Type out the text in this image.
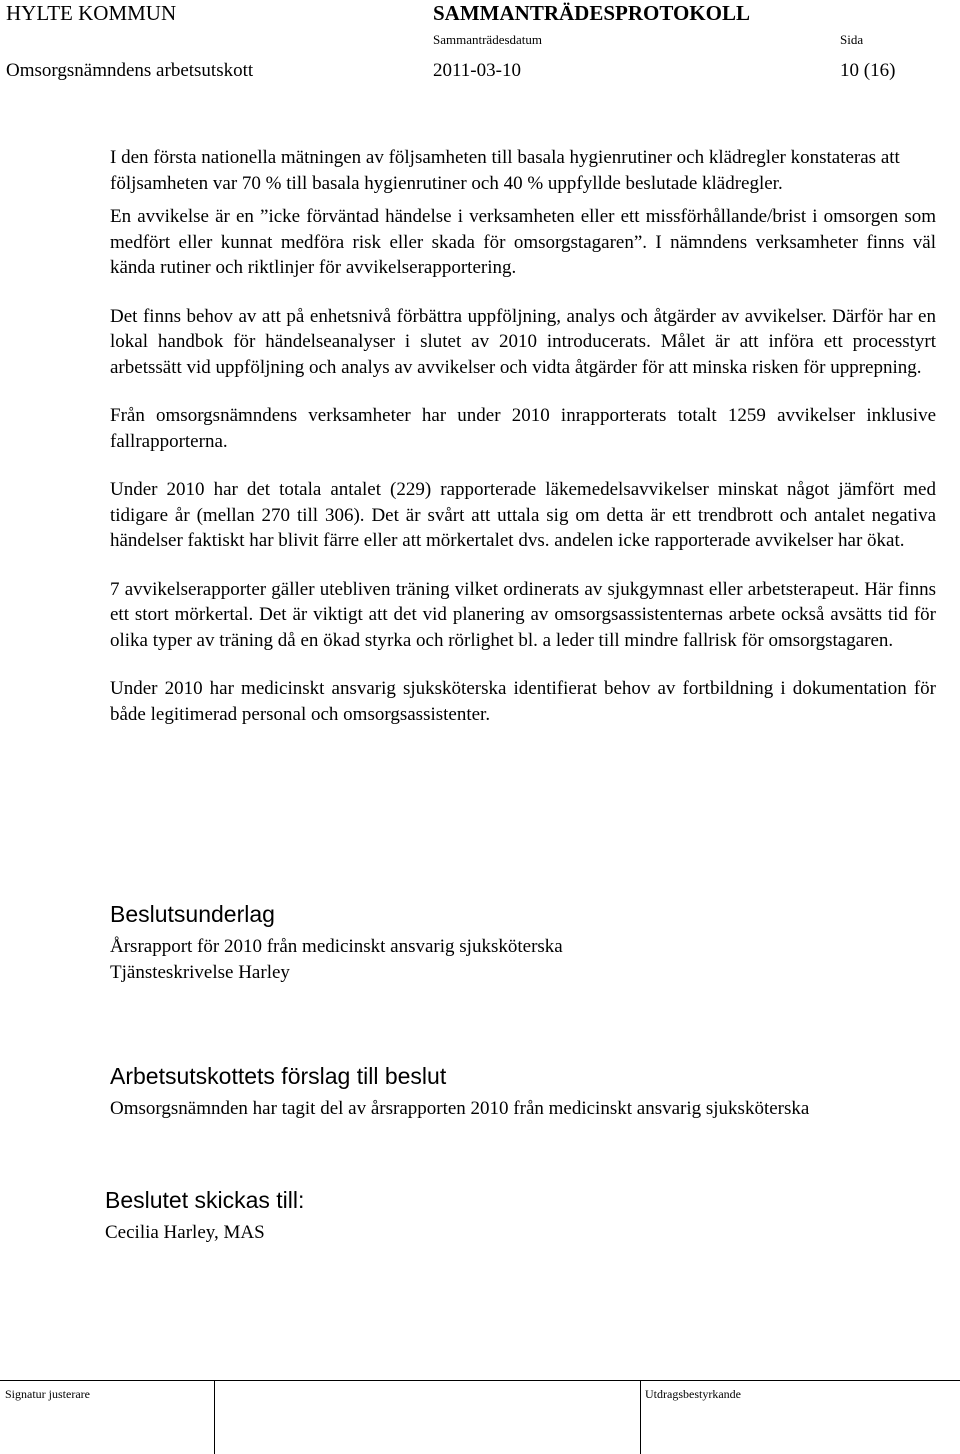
HYLTE KOMMUN	SAMMANTRÄDESPROTOKOLL
Sammanträdesdatum	Sida
Omsorgsnämndens arbetsutskott	2011-03-10	10 (16)

I den första nationella mätningen av följsamheten till basala hygienrutiner och klädregler konstateras att följsamheten var 70 % till basala hygienrutiner och 40 % uppfyllde beslutade klädregler.

En avvikelse är en ”icke förväntad händelse i verksamheten eller ett missförhållande/brist i omsorgen som medfört eller kunnat medföra risk eller skada för omsorgstagaren”. I nämndens verksamheter finns väl kända rutiner och riktlinjer för avvikelserapportering.

Det finns behov av att på enhetsnivå förbättra uppföljning, analys och åtgärder av avvikelser. Därför har en lokal handbok för händelseanalyser i slutet av 2010 introducerats. Målet är att införa ett processtyrt arbetssätt vid uppföljning och analys av avvikelser och vidta åtgärder för att minska risken för upprepning.

Från omsorgsnämndens verksamheter har under 2010 inrapporterats totalt 1259 avvikelser inklusive fallrapporterna.

Under 2010 har det totala antalet (229) rapporterade läkemedelsavvikelser minskat något jämfört med tidigare år (mellan 270 till 306). Det är svårt att uttala sig om detta är ett trendbrott och antalet negativa händelser faktiskt har blivit färre eller att mörkertalet dvs. andelen icke rapporterade avvikelser har ökat.

7 avvikelserapporter gäller utebliven träning vilket ordinerats av sjukgymnast eller arbetsterapeut. Här finns ett stort mörkertal. Det är viktigt att det vid planering av omsorgsassistenternas arbete också avsätts tid för olika typer av träning då en ökad styrka och rörlighet bl. a leder till mindre fallrisk för omsorgstagaren.

Under 2010 har medicinskt ansvarig sjuksköterska identifierat behov av fortbildning i dokumentation för både legitimerad personal och omsorgsassistenter.

Beslutsunderlag
Årsrapport för 2010 från medicinskt ansvarig sjuksköterska
Tjänsteskrivelse Harley
Arbetsutskottets förslag till beslut
Omsorgsnämnden har tagit del av årsrapporten 2010 från medicinskt ansvarig sjuksköterska
Beslutet skickas till:
Cecilia Harley, MAS
Signatur justerare	Utdragsbestyrkande
